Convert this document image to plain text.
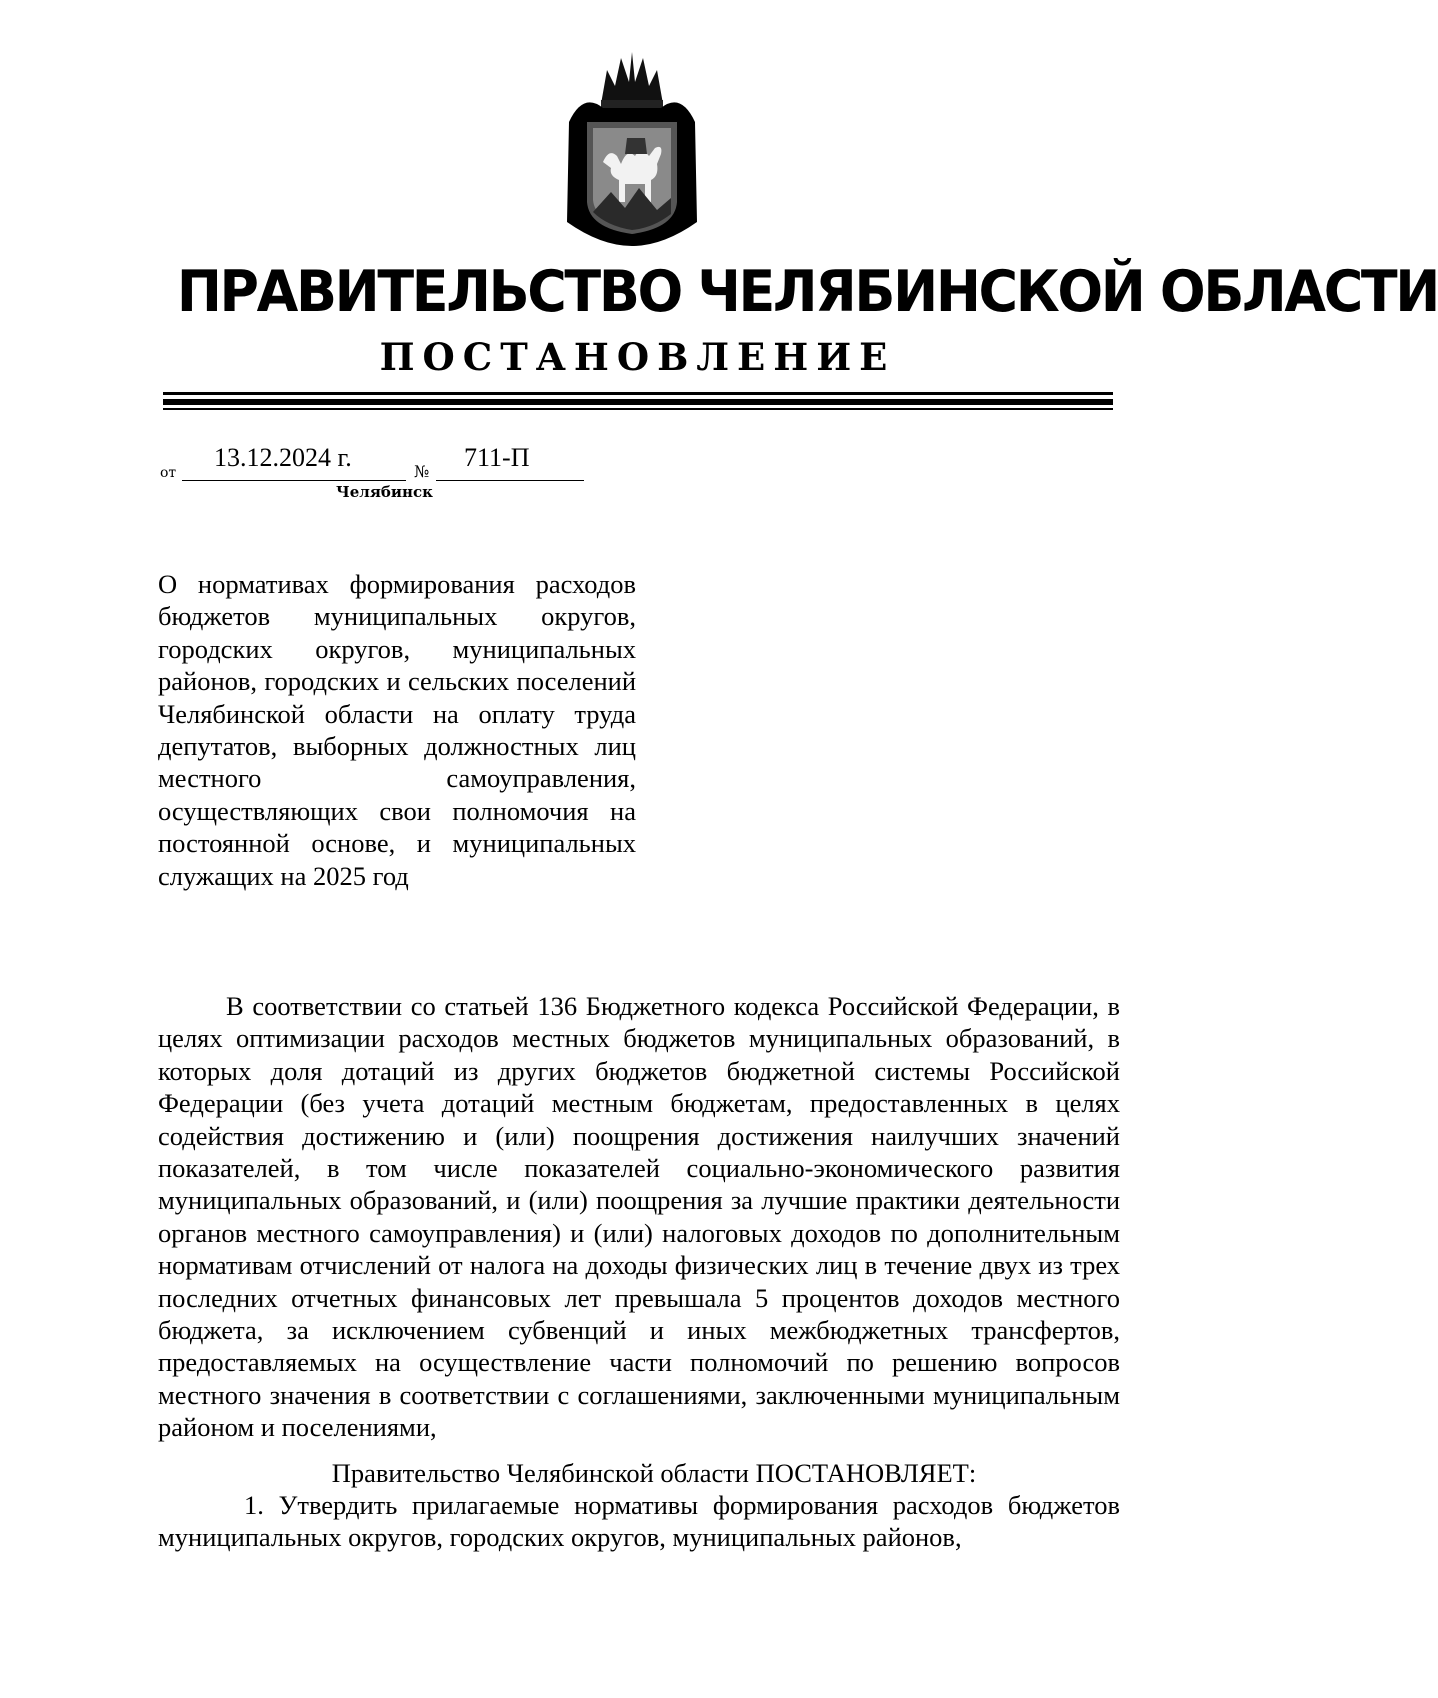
ПРАВИТЕЛЬСТВО ЧЕЛЯБИНСКОЙ ОБЛАСТИ
ПОСТАНОВЛЕНИЕ
от
13.12.2024 г.	№ 711-П
Челябинск

О нормативах формирования расходов бюджетов муниципальных округов, городских округов, муниципальных районов, городских и сельских поселений Челябинской области на оплату труда депутатов, выборных должностных лиц местного самоуправления, осуществляющих свои полномочия на постоянной основе, и муниципальных служащих на 2025 год

В соответствии со статьей 136 Бюджетного кодекса Российской Федерации, в целях оптимизации расходов местных бюджетов муниципальных образований, в которых доля дотаций из других бюджетов бюджетной системы Российской Федерации (без учета дотаций местным бюджетам, предоставленных в целях содействия достижению и (или) поощрения достижения наилучших значений показателей, в том числе показателей социально-экономического развития муниципальных образований, и (или) поощрения за лучшие практики деятельности органов местного самоуправления) и (или) налоговых доходов по дополнительным нормативам отчислений от налога на доходы физических лиц в течение двух из трех последних отчетных финансовых лет превышала 5 процентов доходов местного бюджета, за исключением субвенций и иных межбюджетных трансфертов, предоставляемых на осуществление части полномочий по решению вопросов местного значения в соответствии с соглашениями, заключенными муниципальным районом и поселениями,

Правительство Челябинской области ПОСТАНОВЛЯЕТ:

1. Утвердить прилагаемые нормативы формирования расходов бюджетов муниципальных округов, городских округов, муниципальных районов,
